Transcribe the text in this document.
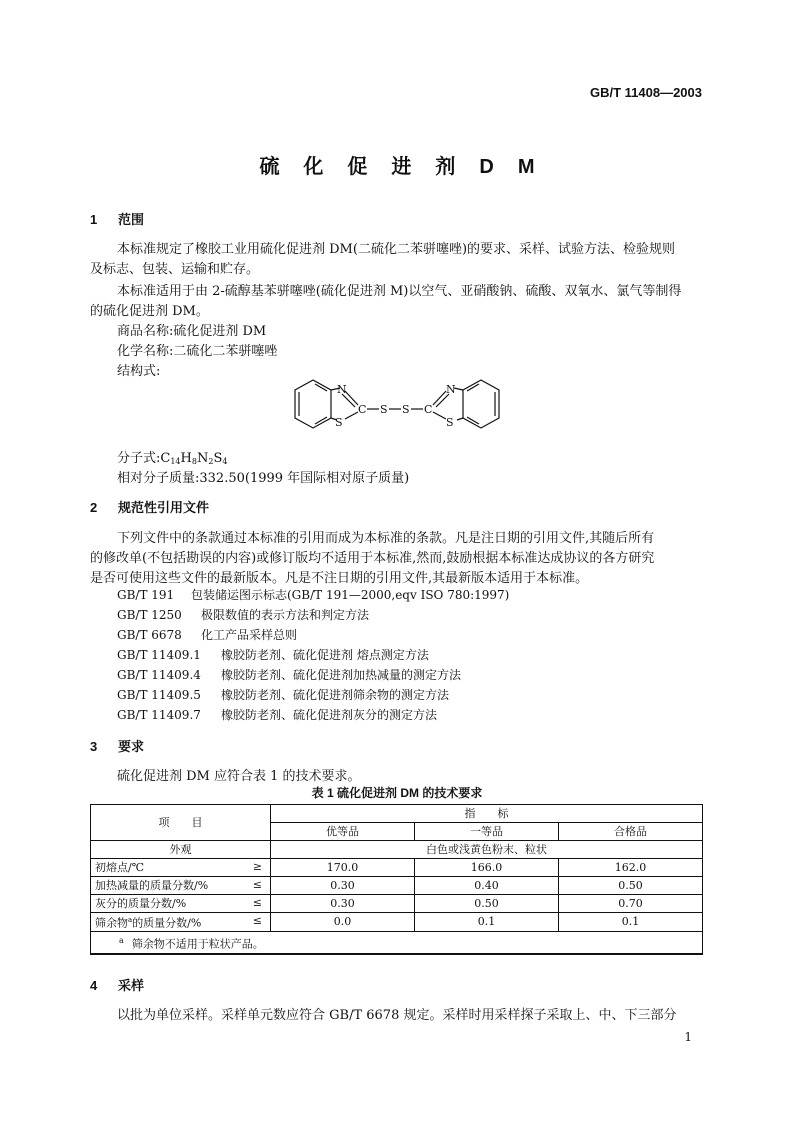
GB/T 11408—2003
硫化促进剂DM
1 范围
本标准规定了橡胶工业用硫化促进剂 DM(二硫化二苯骈噻唑)的要求、采样、试验方法、检验规则
及标志、包装、运输和贮存。
本标准适用于由 2-硫醇基苯骈噻唑(硫化促进剂 M)以空气、亚硝酸钠、硫酸、双氧水、氯气等制得
的硫化促进剂 DM。
商品名称:硫化促进剂 DM
化学名称:二硫化二苯骈噻唑
结构式:
N
S
C S S C
N
S
分子式$:C_{14}H_8N_2S_4$
相对分子质量:332.50(1999 年国际相对原子质量)
2 规范性引用文件
下列文件中的条款通过本标准的引用而成为本标准的条款。凡是注日期的引用文件,其随后所有
的修改单(不包括勘误的内容)或修订版均不适用于本标准,然而,鼓励根据本标准达成协议的各方研究
是否可使用这些文件的最新版本。凡是不注日期的引用文件,其最新版本适用于本标准。
GB/T 191 包装储运图示标志(GB/T 191—2000,eqv ISO 780:1997)
GB/T 1250 极限数值的表示方法和判定方法
GB/T 6678 化工产品采样总则
GB/T 11409.1 橡胶防老剂、硫化促进剂 熔点测定方法
GB/T 11409.4 橡胶防老剂、硫化促进剂加热减量的测定方法
GB/T 11409.5 橡胶防老剂、硫化促进剂筛余物的测定方法
GB/T 11409.7 橡胶防老剂、硫化促进剂灰分的测定方法
3 要求
硫化促进剂 DM 应符合表 1 的技术要求。
表 1 硫化促进剂 DM 的技术要求
项　　目	指　　标		
	优等品	一等品	合格品
外观	白色或浅黄色粉末、粒状		
初熔点/℃ ≥	170.0	166.0	162.0
加热减量的质量分数/% ≤	0.30	0.40	0.50
灰分的质量分数/% ≤	0.30	0.50	0.70
筛余物$^a$的质量分数/% ≤	0.0	0.1	0.1
$^a$ 筛余物不适用于粒状产品。			
4 采样
以批为单位采样。采样单元数应符合 GB/T 6678 规定。采样时用采样探子采取上、中、下三部分
1
